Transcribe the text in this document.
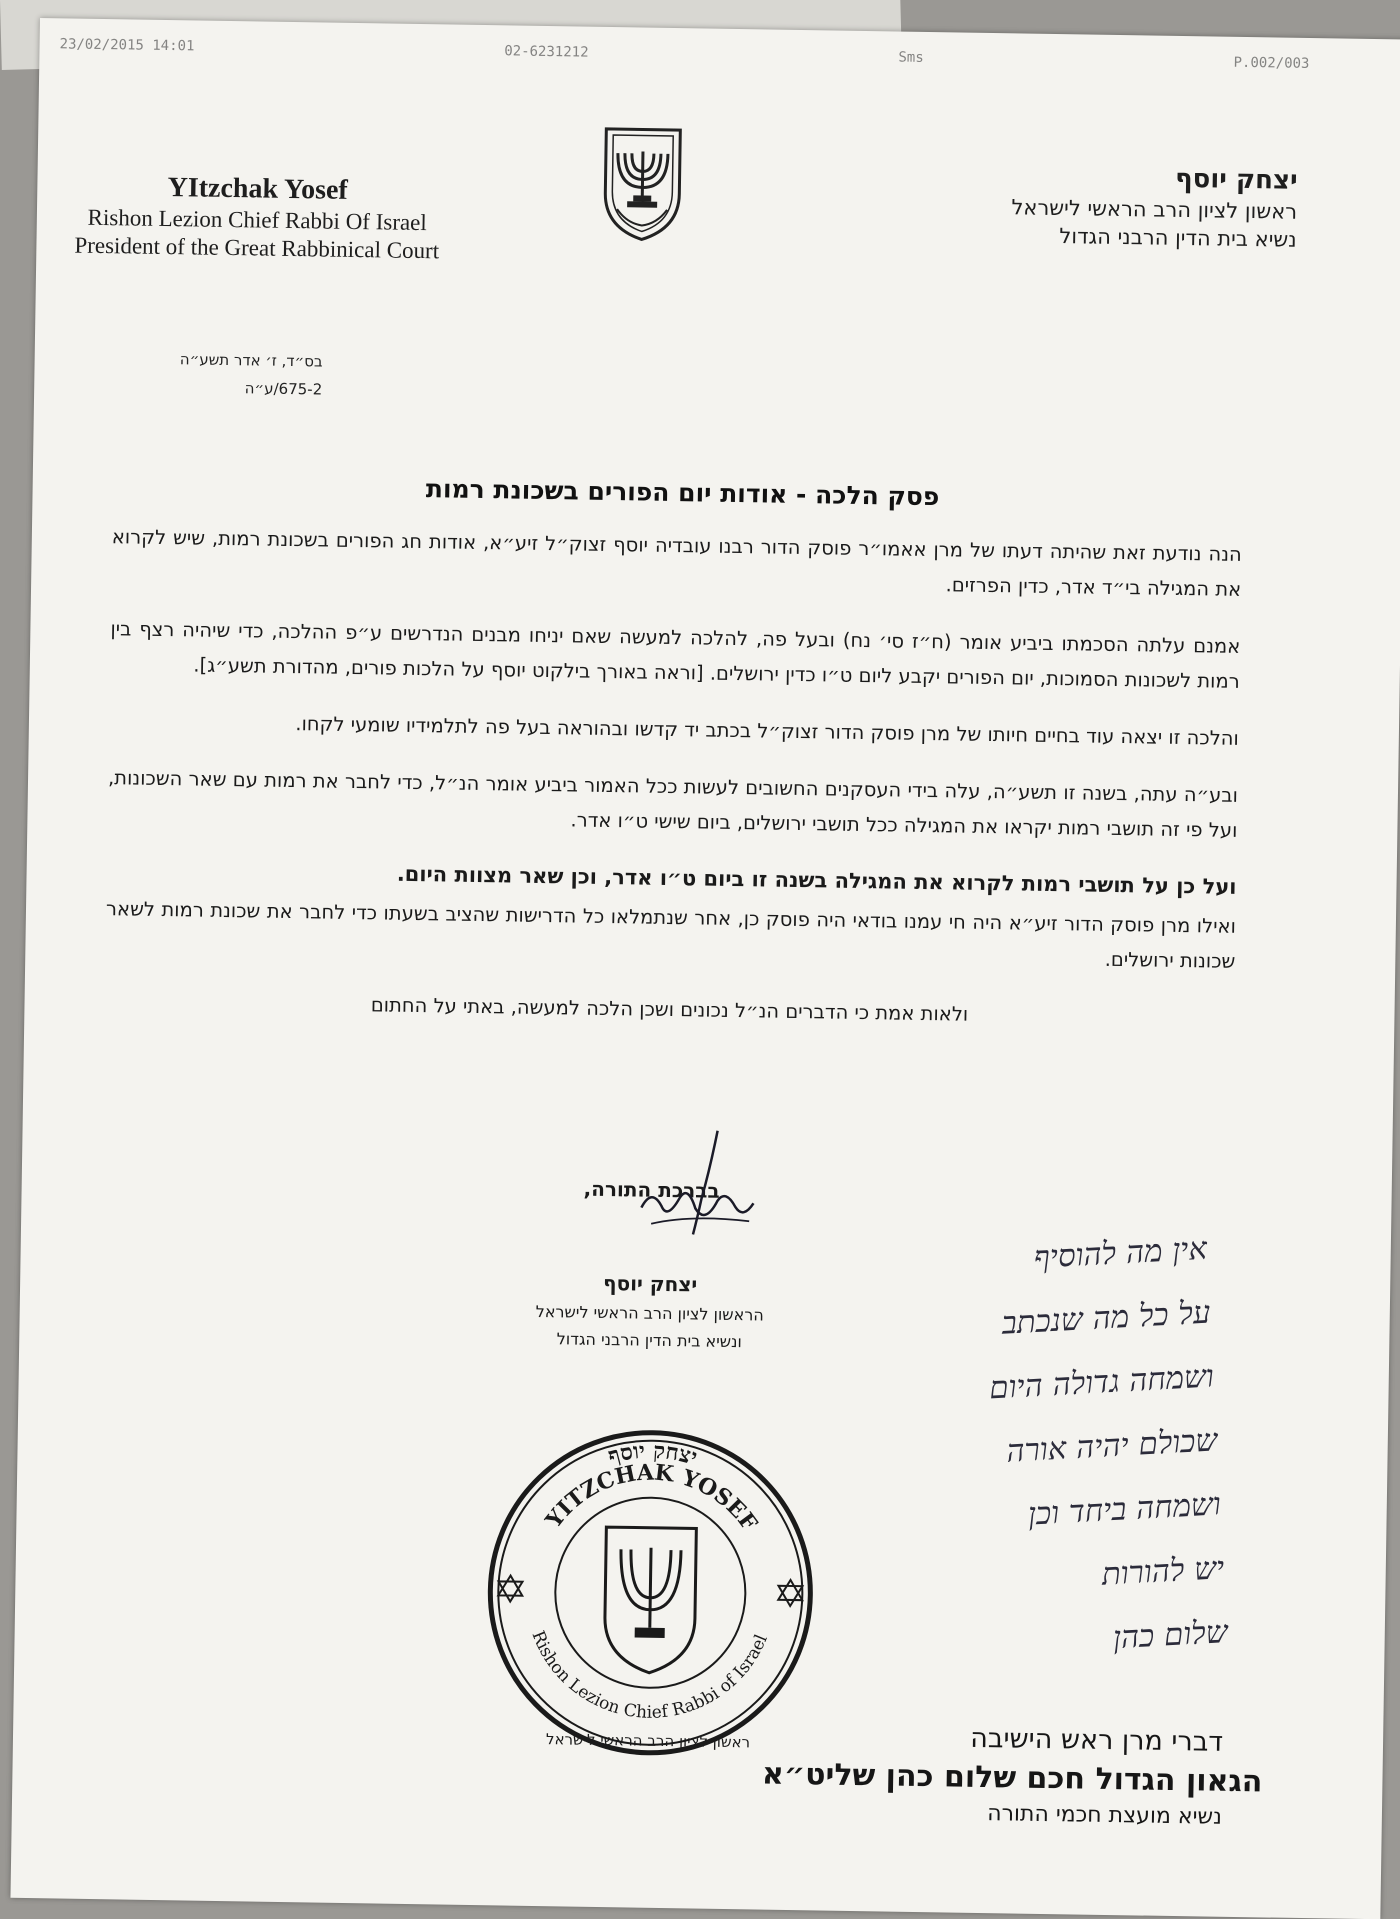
23/02/2015 14:01	02-6231212	Sms	P.002/003
יצחק יוסף
ראשון לציון הרב הראשי לישראל
נשיא בית הדין הרבני הגדול
YItzchak Yosef
Rishon Lezion Chief Rabbi Of Israel
President of the Great Rabbinical Court
בס״ד, ז׳ אדר תשע״ה
675-2/ע״ה
פסק הלכה - אודות יום הפורים בשכונת רמות

הנה נודעת זאת שהיתה דעתו של מרן אאמו״ר פוסק הדור רבנו עובדיה יוסף זצוק״ל זיע״א, אודות חג הפורים בשכונת רמות, שיש לקרוא את המגילה בי״ד אדר, כדין הפרזים.

אמנם עלתה הסכמתו ביביע אומר (ח״ז סי׳ נח) ובעל פה, להלכה למעשה שאם יניחו מבנים הנדרשים ע״פ ההלכה, כדי שיהיה רצף בין רמות לשכונות הסמוכות, יום הפורים יקבע ליום ט״ו כדין ירושלים. [וראה באורך בילקוט יוסף על הלכות פורים, מהדורת תשע״ג].

והלכה זו יצאה עוד בחיים חיותו של מרן פוסק הדור זצוק״ל בכתב יד קדשו ובהוראה בעל פה לתלמידיו שומעי לקחו.

ובע״ה עתה, בשנה זו תשע״ה, עלה בידי העסקנים החשובים לעשות ככל האמור ביביע אומר הנ״ל, כדי לחבר את רמות עם שאר השכונות, ועל פי זה תושבי רמות יקראו את המגילה ככל תושבי ירושלים, ביום שישי ט״ו אדר.

ועל כן על תושבי רמות לקרוא את המגילה בשנה זו ביום ט״ו אדר, וכן שאר מצוות היום.

ואילו מרן פוסק הדור זיע״א היה חי עמנו בודאי היה פוסק כן, אחר שנתמלאו כל הדרישות שהציב בשעתו כדי לחבר את שכונת רמות לשאר שכונות ירושלים.

ולאות אמת כי הדברים הנ״ל נכונים ושכן הלכה למעשה, באתי על החתום

בברכת התורה,
יצחק יוסף
הראשון לציון הרב הראשי לישראל
ונשיא בית הדין הרבני הגדול
יצחק יוסף
YITZCHAK YOSEF
Rishon Lezion Chief Rabbi of Israel
ראשון לציון הרב הראשי לישראל
אין מה להוסיף
על כל מה שנכתב
ושמחה גדולה היום
שכולם יהיה אורה
ושמחה ביחד וכן
יש להורות
שלום כהן
דברי מרן ראש הישיבה
הגאון הגדול חכם שלום כהן שליט״א
נשיא מועצת חכמי התורה
